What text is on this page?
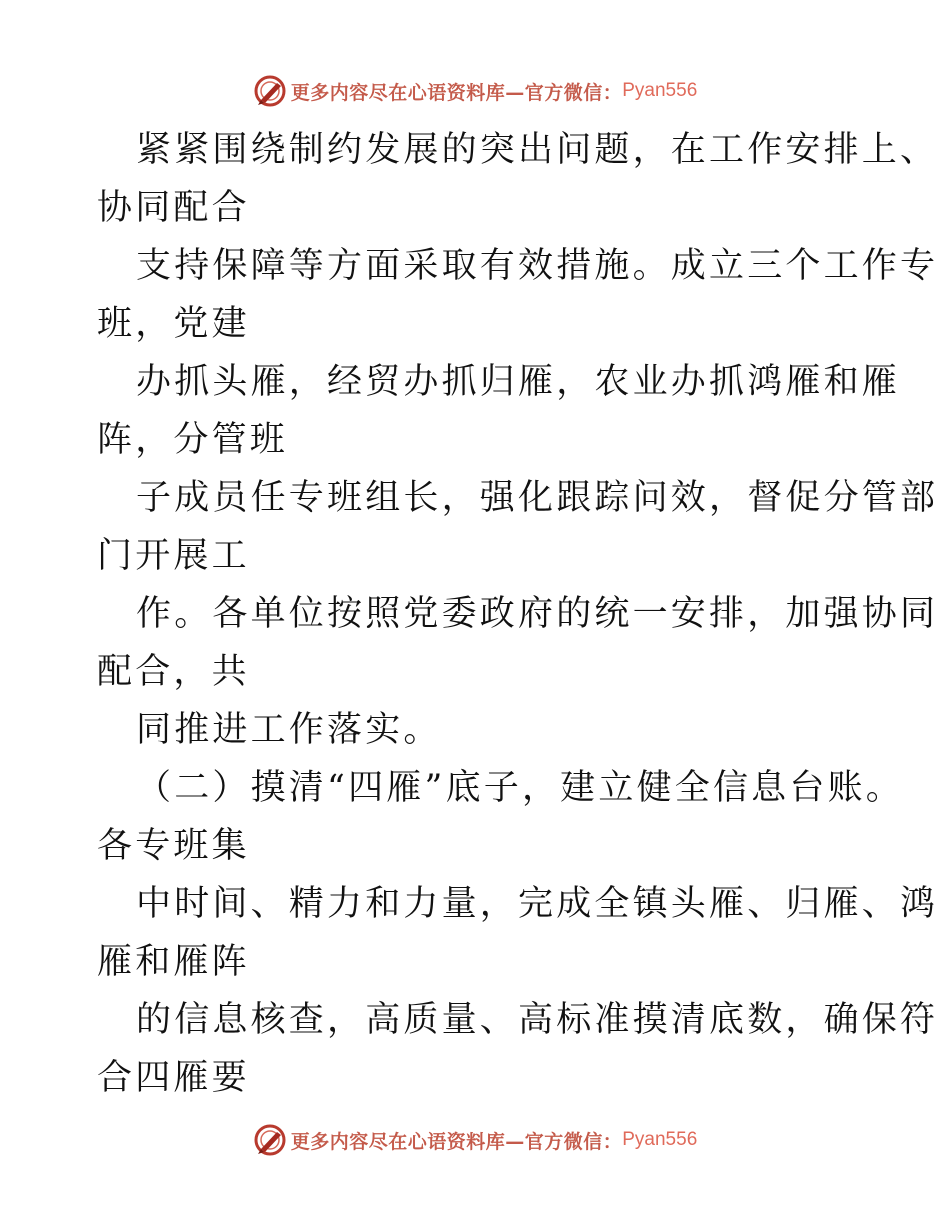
更多内容尽在心语资料库—官方微信： Pyan556
紧紧围绕制约发展的突出问题，在工作安排上、
协同配合
支持保障等方面采取有效措施。成立三个工作专
班，党建
办抓头雁，经贸办抓归雁，农业办抓鸿雁和雁
阵，分管班
子成员任专班组长，强化跟踪问效，督促分管部
门开展工
作。各单位按照党委政府的统一安排，加强协同
配合，共
同推进工作落实。
（二）摸清“四雁”底子，建立健全信息台账。
各专班集
中时间、精力和力量，完成全镇头雁、归雁、鸿
雁和雁阵
的信息核查，高质量、高标准摸清底数，确保符
合四雁要
更多内容尽在心语资料库—官方微信： Pyan556
